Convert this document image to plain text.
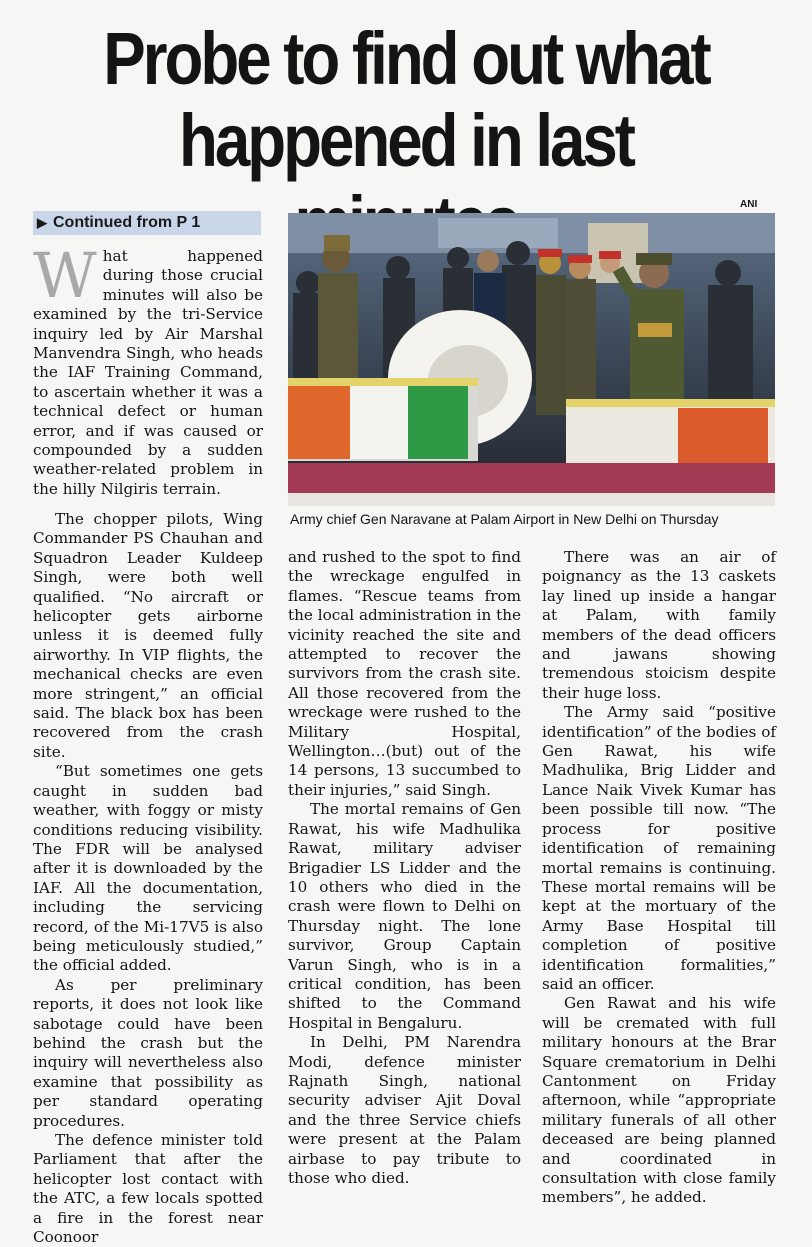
Probe to find out what
happened in last
▶ Continued from P 1
W hat happened during those crucial minutes will also be examined by the tri-Service inquiry led by Air Marshal Manvendra Singh, who heads the IAF Training Command, to ascertain whether it was a technical defect or human error, and if was caused or compounded by a sudden weather-related problem in the hilly Nilgiris terrain.

The chopper pilots, Wing Commander PS Chauhan and Squadron Leader Kuldeep Singh, were both well qualified. “No aircraft or helicopter gets airborne unless it is deemed fully airworthy. In VIP flights, the mechanical checks are even more stringent,” an official said. The black box has been recovered from the crash site.

“But sometimes one gets caught in sudden bad weather, with foggy or misty conditions reducing visibility. The FDR will be analysed after it is downloaded by the IAF. All the documentation, including the servicing record, of the Mi-17V5 is also being meticulously studied,” the official added.

As per preliminary reports, it does not look like sabotage could have been behind the crash but the inquiry will nevertheless also examine that possibility as per standard operating procedures.

The defence minister told Parliament that after the helicopter lost contact with the ATC, a few locals spotted a fire in the forest near Coonoor

ANI
Army chief Gen Naravane at Palam Airport in New Delhi on Thursday

and rushed to the spot to find the wreckage engulfed in flames. “Rescue teams from the local administration in the vicinity reached the site and attempted to recover the survivors from the crash site. All those recovered from the wreckage were rushed to the Military Hospital, Wellington…(but) out of the 14 persons, 13 succumbed to their injuries,” said Singh.

The mortal remains of Gen Rawat, his wife Madhulika Rawat, military adviser Brigadier LS Lidder and the 10 others who died in the crash were flown to Delhi on Thursday night. The lone survivor, Group Captain Varun Singh, who is in a critical condition, has been shifted to the Command Hospital in Bengaluru.

In Delhi, PM Narendra Modi, defence minister Rajnath Singh, national security adviser Ajit Doval and the three Service chiefs were present at the Palam airbase to pay tribute to those who died.

There was an air of poignancy as the 13 caskets lay lined up inside a hangar at Palam, with family members of the dead officers and jawans showing tremendous stoicism despite their huge loss.

The Army said “positive identification” of the bodies of Gen Rawat, his wife Madhulika, Brig Lidder and Lance Naik Vivek Kumar has been possible till now. “The process for positive identification of remaining mortal remains is continuing. These mortal remains will be kept at the mortuary of the Army Base Hospital till completion of positive identification formalities,” said an officer.

Gen Rawat and his wife will be cremated with full military honours at the Brar Square crematorium in Delhi Cantonment on Friday afternoon, while “appropriate military funerals of all other deceased are being planned and coordinated in consultation with close family members”, he added.
